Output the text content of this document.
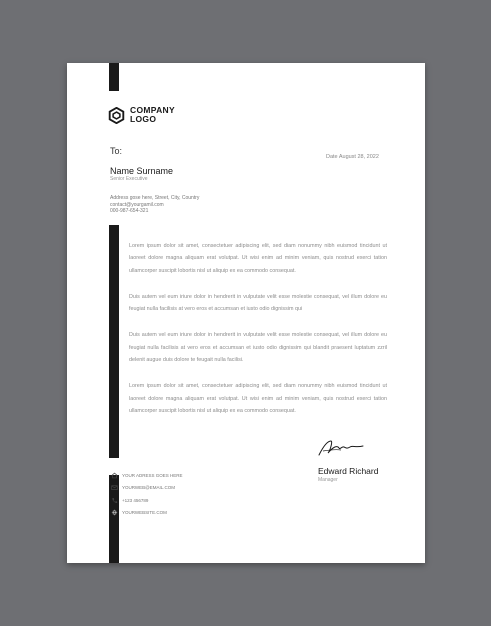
COMPANY
LOGO
To:
Date August 28, 2022
Name Surname
Senior Executive
Address gose here, Street, City, Country
contact@yourgamil.com
000-987-654-321

Lorem ipsum dolor sit amet, consectetuer adipiscing elit, sed diam nonummy nibh euismod tincidunt ut laoreet dolore magna aliquam erat volutpat. Ut wisi enim ad minim veniam, quis nostrud exerci tation ullamcorper suscipit lobortis nisl ut aliquip ex ea commodo consequat.

Duis autem vel eum iriure dolor in hendrerit in vulputate velit esse molestie consequat, vel illum dolore eu feugiat nulla facilisis at vero eros et accumsan et iusto odio dignissim qui

Duis autem vel eum iriure dolor in hendrerit in vulputate velit esse molestie consequat, vel illum dolore eu feugiat nulla facilisis at vero eros et accumsan et iusto odio dignissim qui blandit praesent luptatum zzril delenit augue duis dolore te feugait nulla facilisi.

Lorem ipsum dolor sit amet, consectetuer adipiscing elit, sed diam nonummy nibh euismod tincidunt ut laoreet dolore magna aliquam erat volutpat. Ut wisi enim ad minim veniam, quis nostrud exerci tation ullamcorper suscipit lobortis nisl ut aliquip ex ea commodo consequat.

Edward Richard
Manager
YOUR ADRESS GOES HERE
YOURWEB@EMAIL.COM
+123 456789
YOURWEBSITE.COM
